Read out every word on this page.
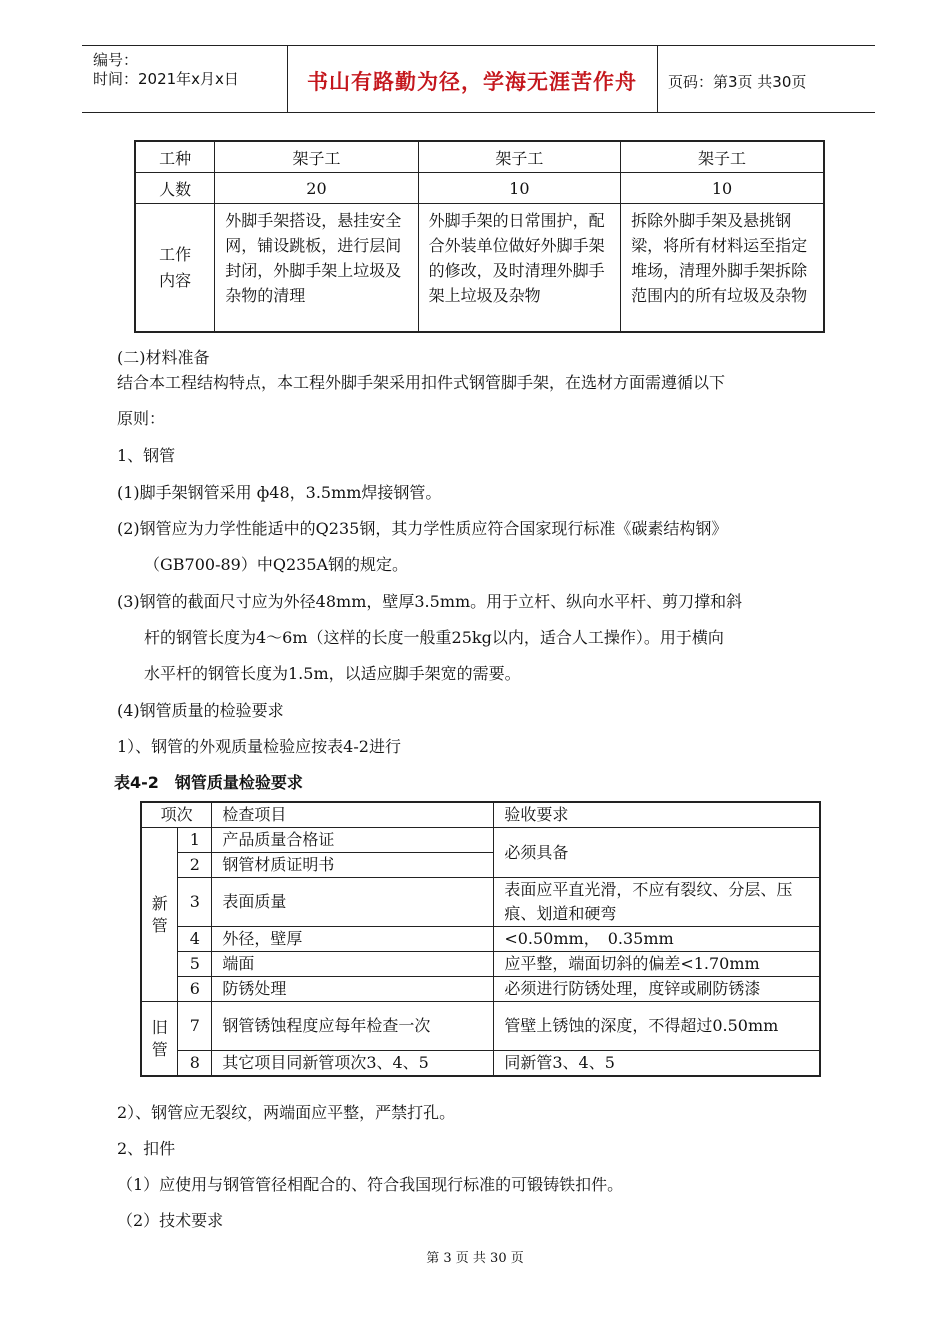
编号：
时间：2021年x月x日	书山有路勤为径，学海无涯苦作舟	页码：第3页 共30页
工种	架子工	架子工	架子工
人数	20	10	10
工作
内容	外脚手架搭设，悬挂安全网，铺设跳板，进行层间封闭，外脚手架上垃圾及杂物的清理	外脚手架的日常围护，配合外装单位做好外脚手架的修改，及时清理外脚手架上垃圾及杂物	拆除外脚手架及悬挑钢梁，将所有材料运至指定堆场，清理外脚手架拆除范围内的所有垃圾及杂物
(二)材料准备
结合本工程结构特点，本工程外脚手架采用扣件式钢管脚手架，在选材方面需遵循以下
原则：
1、钢管
(1)脚手架钢管采用 ф48，3.5mm焊接钢管。
(2)钢管应为力学性能适中的Q235钢，其力学性质应符合国家现行标准《碳素结构钢》
（GB700-89）中Q235A钢的规定。
(3)钢管的截面尺寸应为外径48mm，壁厚3.5mm。用于立杆、纵向水平杆、剪刀撑和斜
杆的钢管长度为4～6m（这样的长度一般重25kg以内，适合人工操作）。用于横向
水平杆的钢管长度为1.5m，以适应脚手架宽的需要。
(4)钢管质量的检验要求
1）、钢管的外观质量检验应按表4-2进行
表4-2　钢管质量检验要求
项次		检查项目	验收要求
新
管	1	产品质量合格证	必须具备
	2	钢管材质证明书	
	3	表面质量	表面应平直光滑，不应有裂纹、分层、压痕、划道和硬弯
	4	外径，壁厚	<0.50mm，　0.35mm
	5	端面	应平整，端面切斜的偏差<1.70mm
	6	防锈处理	必须进行防锈处理，度锌或刷防锈漆
旧
管	7	钢管锈蚀程度应每年检查一次	管壁上锈蚀的深度，不得超过0.50mm
	8	其它项目同新管项次3、4、5	同新管3、4、5
2）、钢管应无裂纹，两端面应平整，严禁打孔。
2、扣件
（1）应使用与钢管管径相配合的、符合我国现行标准的可锻铸铁扣件。
（2）技术要求
第 3 页 共 30 页
